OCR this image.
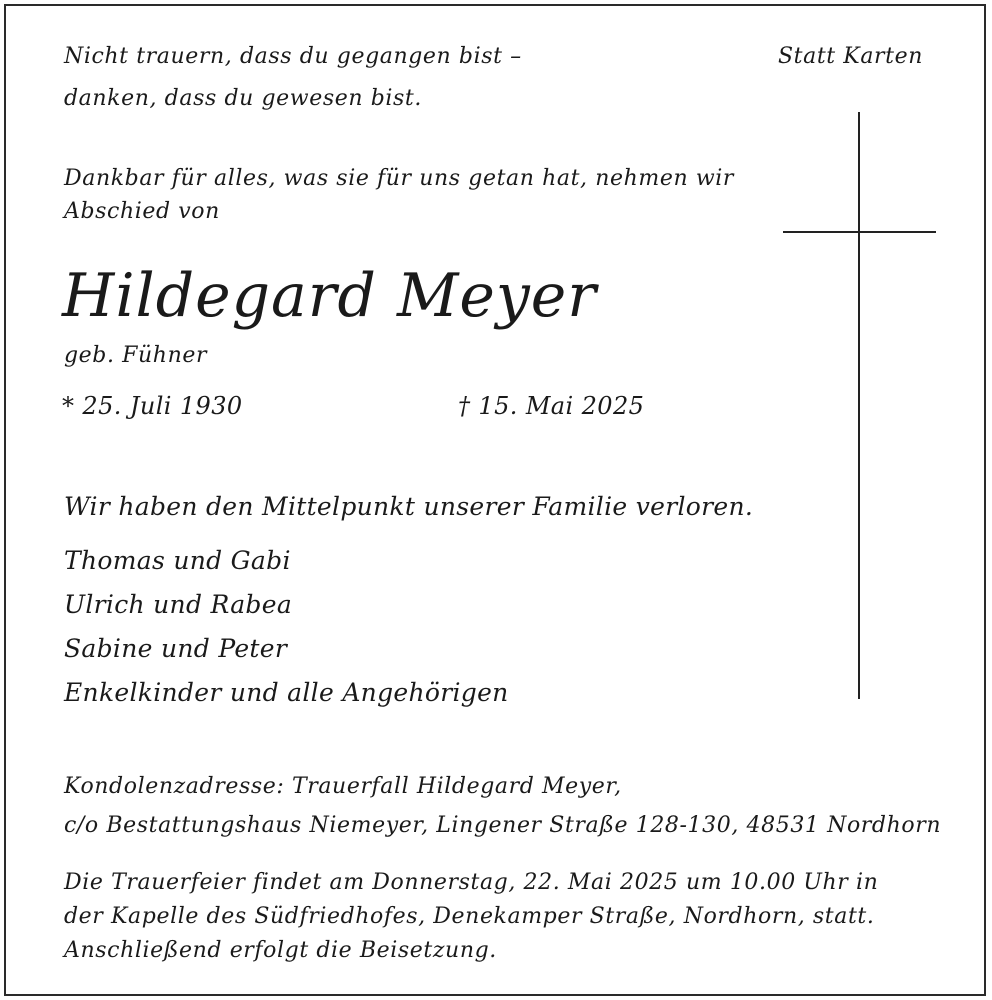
Nicht trauern, dass du gegangen bist –
danken, dass du gewesen bist.
Statt Karten
Dankbar für alles, was sie für uns getan hat, nehmen wir
Abschied von
Hildegard Meyer
geb. Fühner
* 25. Juli 1930	† 15. Mai 2025
Wir haben den Mittelpunkt unserer Familie verloren.
Thomas und Gabi
Ulrich und Rabea
Sabine und Peter
Enkelkinder und alle Angehörigen
Kondolenzadresse: Trauerfall Hildegard Meyer,
c/o Bestattungshaus Niemeyer, Lingener Straße 128-130, 48531 Nordhorn
Die Trauerfeier findet am Donnerstag, 22. Mai 2025 um 10.00 Uhr in
der Kapelle des Südfriedhofes, Denekamper Straße, Nordhorn, statt.
Anschließend erfolgt die Beisetzung.
